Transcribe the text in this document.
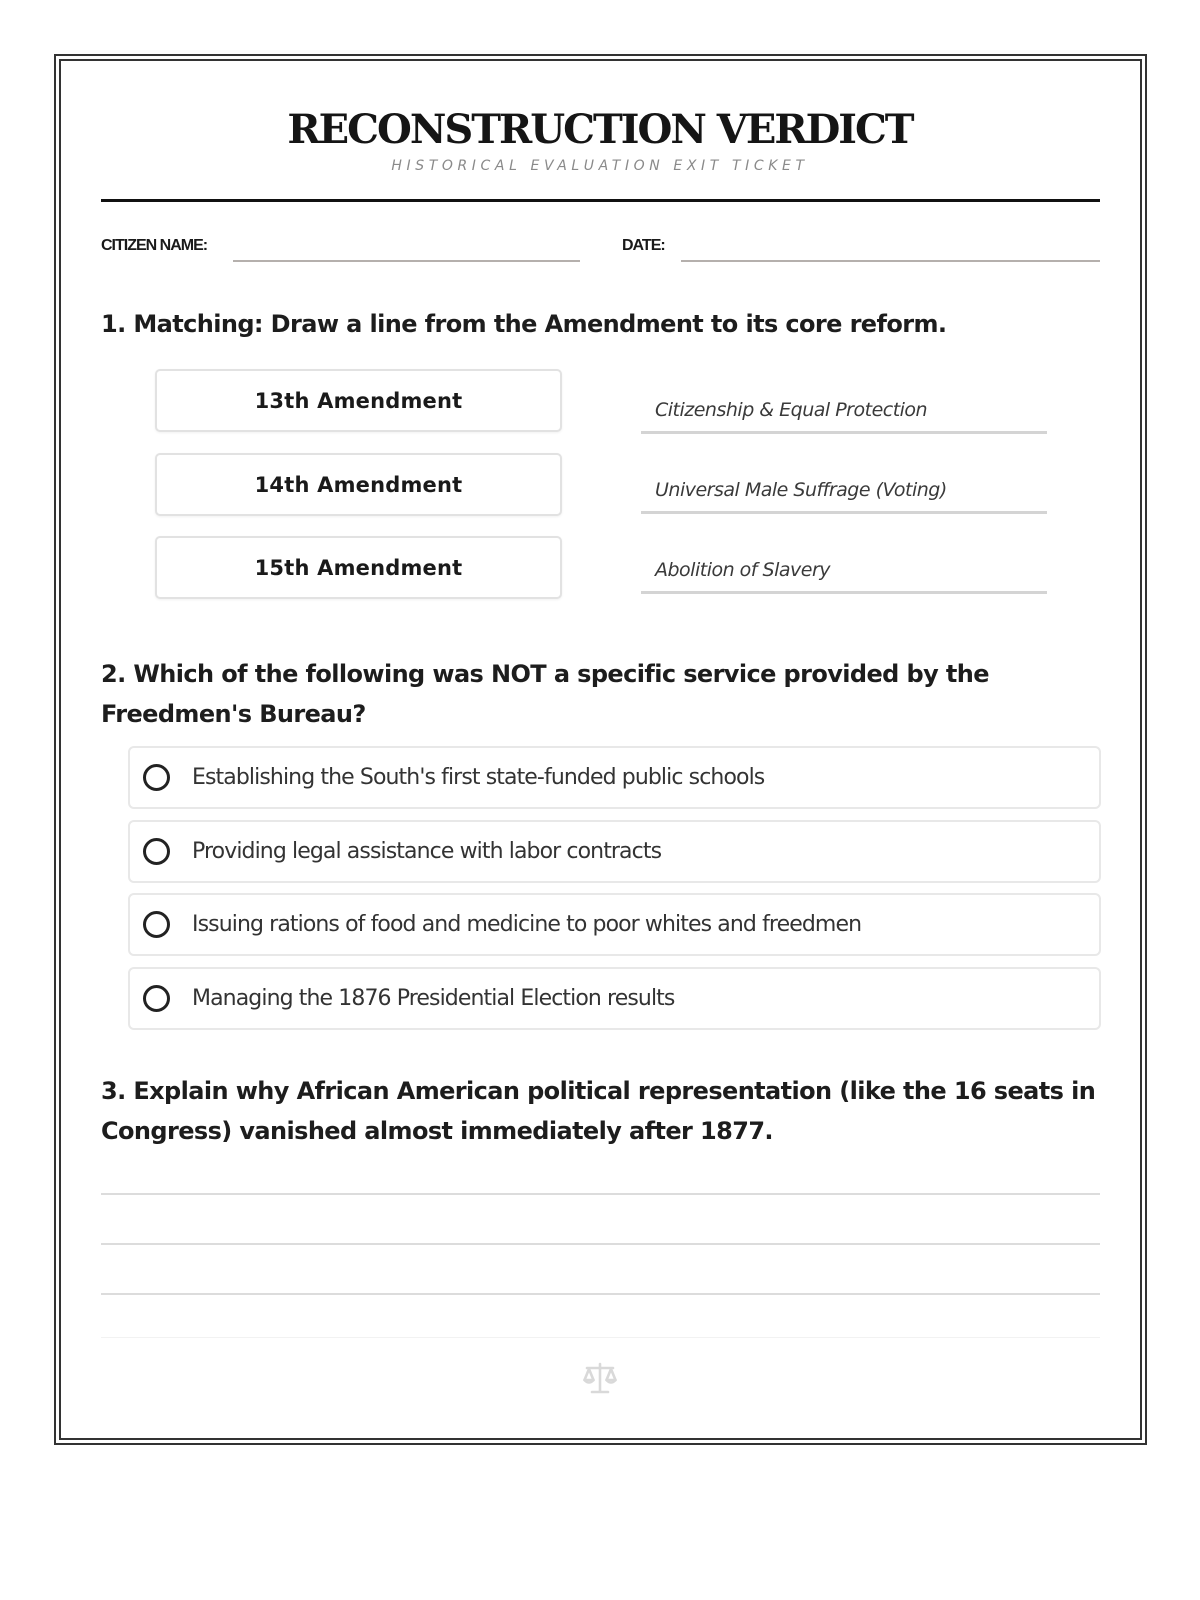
RECONSTRUCTION VERDICT
HISTORICAL EVALUATION EXIT TICKET
CITIZEN NAME:	DATE:
1. Matching: Draw a line from the Amendment to its core reform.
13th Amendment
14th Amendment
15th Amendment
Citizenship & Equal Protection
Universal Male Suffrage (Voting)
Abolition of Slavery
2. Which of the following was NOT a specific service provided by the Freedmen's Bureau?
Establishing the South's first state-funded public schools
Providing legal assistance with labor contracts
Issuing rations of food and medicine to poor whites and freedmen
Managing the 1876 Presidential Election results
3. Explain why African American political representation (like the 16 seats in Congress) vanished almost immediately after 1877.
